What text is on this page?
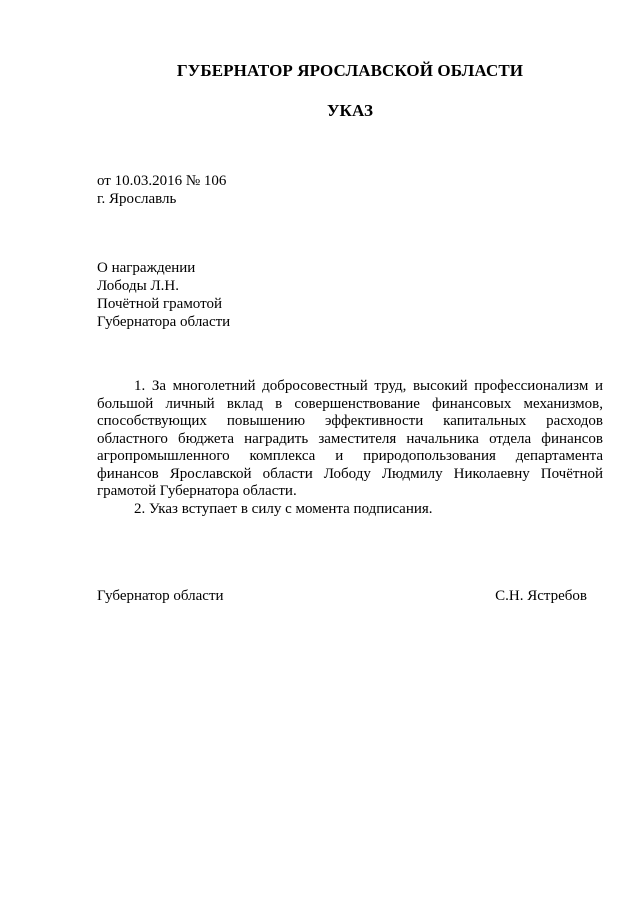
ГУБЕРНАТОР ЯРОСЛАВСКОЙ ОБЛАСТИ
УКАЗ
от 10.03.2016 № 106
г. Ярославль
О награждении
Лободы Л.Н.
Почётной грамотой
Губернатора области

1. За многолетний добросовестный труд, высокий профессионализм и большой личный вклад в совершенствование финансовых механизмов, способствующих повышению эффективности капитальных расходов областного бюджета наградить заместителя начальника отдела финансов агропромышленного комплекса и природопользования департамента финансов Ярославской области Лободу Людмилу Николаевну Почётной грамотой Губернатора области.

2. Указ вступает в силу с момента подписания.

Губернатор области	С.Н. Ястребов
